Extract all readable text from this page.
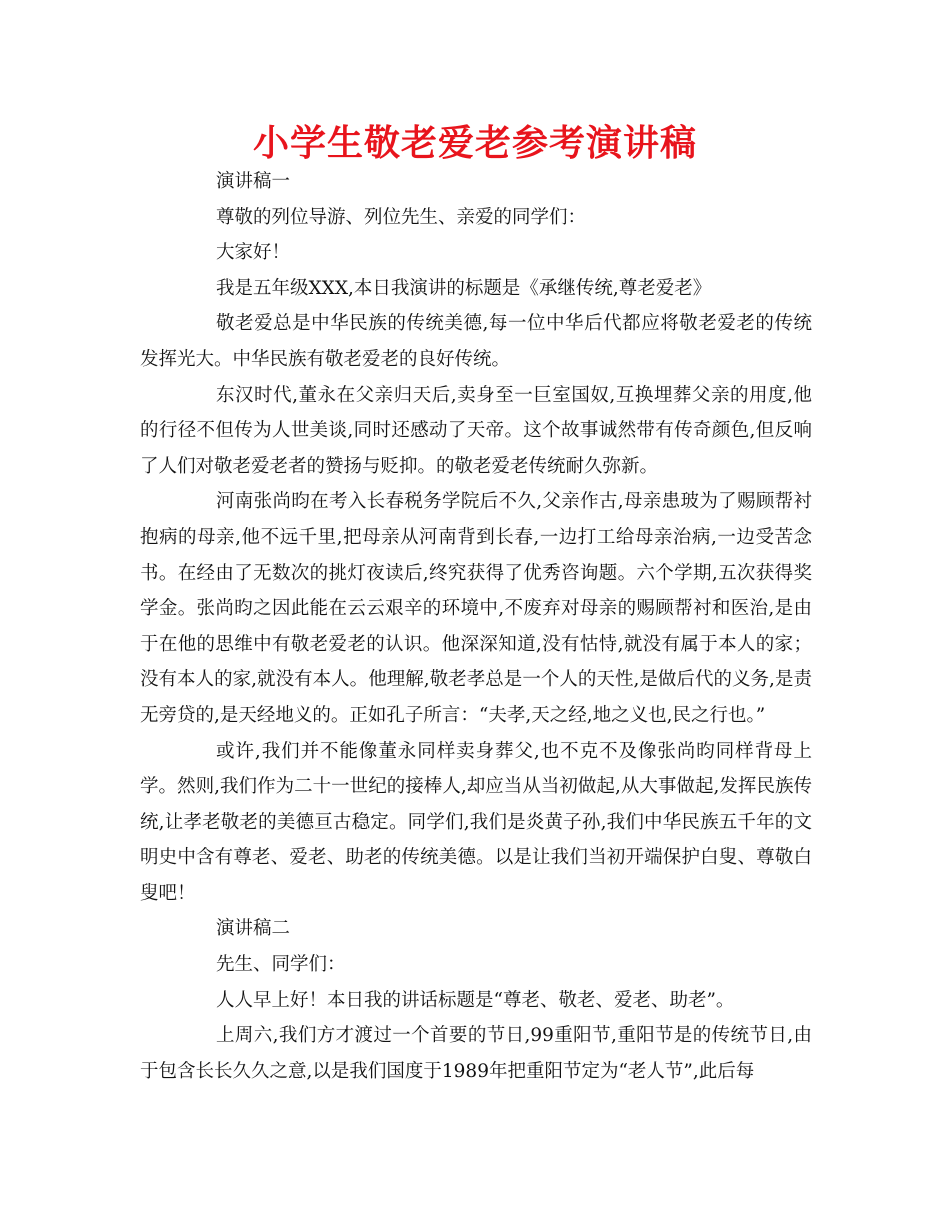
小学生敬老爱老参考演讲稿

演讲稿一

尊敬的列位导游、列位先生、亲爱的同学们：

大家好！

我是五年级XXX,本日我演讲的标题是《承继传统,尊老爱老》

敬老爱总是中华民族的传统美德,每一位中华后代都应将敬老爱老的传统发挥光大。中华民族有敬老爱老的良好传统。

东汉时代,董永在父亲归天后,卖身至一巨室国奴,互换埋葬父亲的用度,他的行径不但传为人世美谈,同时还感动了天帝。这个故事诚然带有传奇颜色,但反响了人们对敬老爱老者的赞扬与贬抑。的敬老爱老传统耐久弥新。

河南张尚昀在考入长春税务学院后不久,父亲作古,母亲患玻为了赐顾帮衬抱病的母亲,他不远千里,把母亲从河南背到长春,一边打工给母亲治病,一边受苦念书。在经由了无数次的挑灯夜读后,终究获得了优秀咨询题。六个学期,五次获得奖学金。张尚昀之因此能在云云艰辛的环境中,不废弃对母亲的赐顾帮衬和医治,是由于在他的思维中有敬老爱老的认识。他深深知道,没有怙恃,就没有属于本人的家；没有本人的家,就没有本人。他理解,敬老孝总是一个人的天性,是做后代的义务,是责无旁贷的,是天经地义的。正如孔子所言：“夫孝,天之经,地之义也,民之行也。”

或许,我们并不能像董永同样卖身葬父,也不克不及像张尚昀同样背母上学。然则,我们作为二十一世纪的接棒人,却应当从当初做起,从大事做起,发挥民族传统,让孝老敬老的美德亘古稳定。同学们,我们是炎黄子孙,我们中华民族五千年的文明史中含有尊老、爱老、助老的传统美德。以是让我们当初开端保护白叟、尊敬白叟吧！

演讲稿二

先生、同学们：

人人早上好！本日我的讲话标题是“尊老、敬老、爱老、助老”。

上周六,我们方才渡过一个首要的节日,99重阳节,重阳节是的传统节日,由于包含长长久久之意,以是我们国度于1989年把重阳节定为“老人节”,此后每
